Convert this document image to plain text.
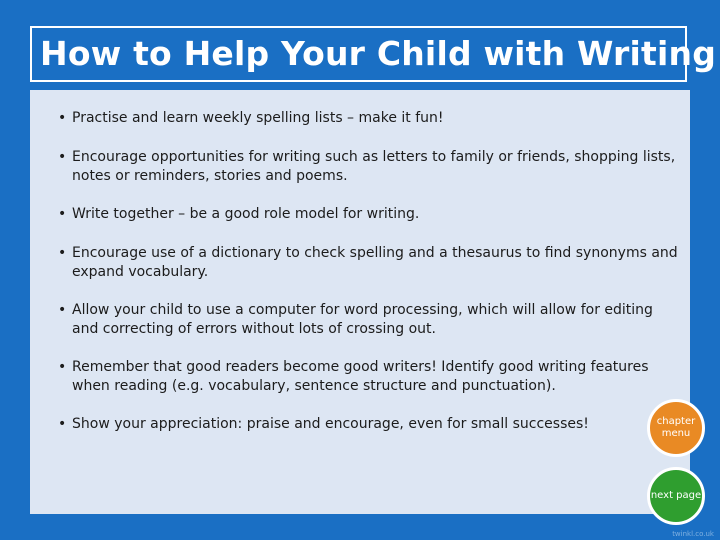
How to Help Your Child with Writing
• Practise and learn weekly spelling lists – make it fun!
• Encourage opportunities for writing such as letters to family or friends, shopping lists, notes or reminders, stories and poems.
• Write together – be a good role model for writing.
• Encourage use of a dictionary to check spelling and a thesaurus to find synonyms and expand vocabulary.
• Allow your child to use a computer for word processing, which will allow for editing and correcting of errors without lots of crossing out.
• Remember that good readers become good writers! Identify good writing features when reading (e.g. vocabulary, sentence structure and punctuation).
• Show your appreciation: praise and encourage, even for small successes!	chapter menu
next page
twinkl.co.uk
